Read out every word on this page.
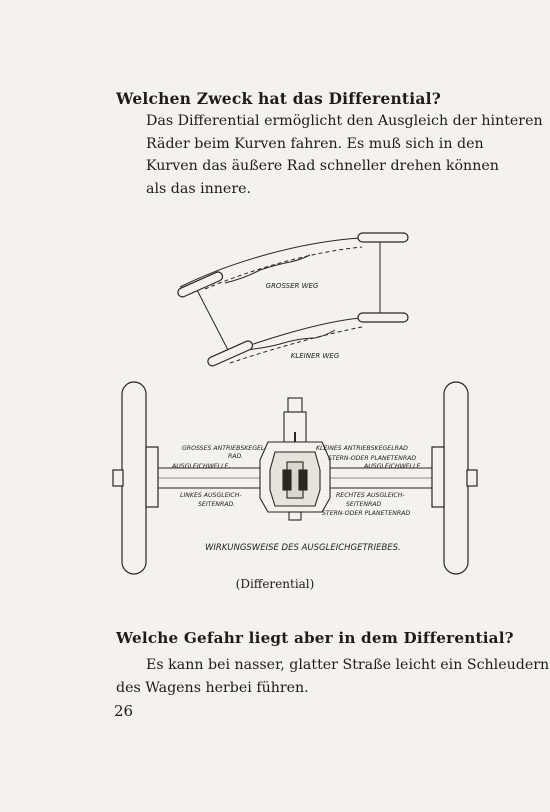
Welchen Zweck hat das Differential?
Das Differential ermöglicht den Ausgleich der hinteren
Räder beim Kurven fahren. Es muß sich in den
Kurven das äußere Rad schneller drehen können
als das innere.
GROSSER WEG
KLEINER WEG
GROSSES ANTRIEBSKEGEL-
RAD.
KLEINES ANTRIEBSKEGELRAD
STERN-ODER PLANETENRAD
AUSGLEICHWELLE.	AUSGLEICHWELLE
LINKES AUSGLEICH-
SEITENRAD.
RECHTES AUSGLEICH-
SEITENRAD
STERN-ODER PLANETENRAD
WIRKUNGSWEISE DES AUSGLEICHGETRIEBES.
(Differential)
Welche Gefahr liegt aber in dem Differential?
Es kann bei nasser, glatter Straße leicht ein Schleudern
des Wagens herbei führen.
26
